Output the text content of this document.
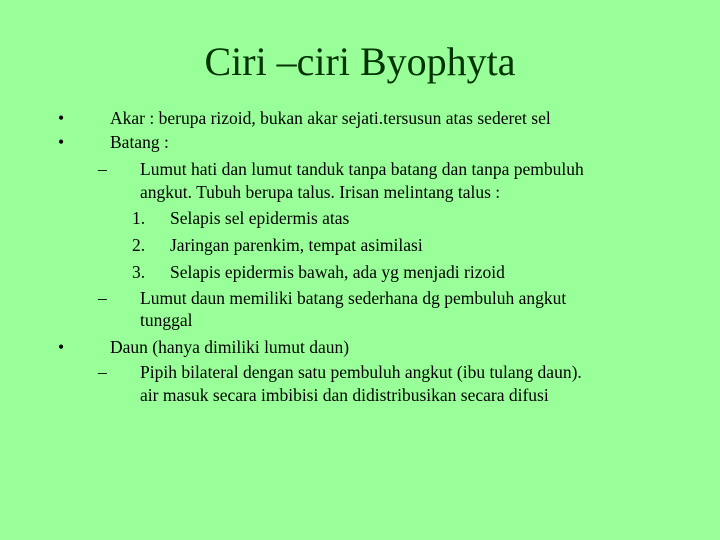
Ciri –ciri Byophyta
•	Akar : berupa rizoid, bukan akar sejati.tersusun atas sederet sel
•	Batang :
– Lumut hati dan lumut tanduk tanpa batang dan tanpa pembuluh
angkut. Tubuh berupa talus. Irisan melintang talus :
1. Selapis sel epidermis atas
2. Jaringan parenkim, tempat asimilasi
3. Selapis epidermis bawah, ada yg menjadi rizoid
– Lumut daun memiliki batang sederhana dg pembuluh angkut
tunggal
•	Daun (hanya dimiliki lumut daun)
– Pipih bilateral dengan satu pembuluh angkut (ibu tulang daun).
air masuk secara imbibisi dan didistribusikan secara difusi
